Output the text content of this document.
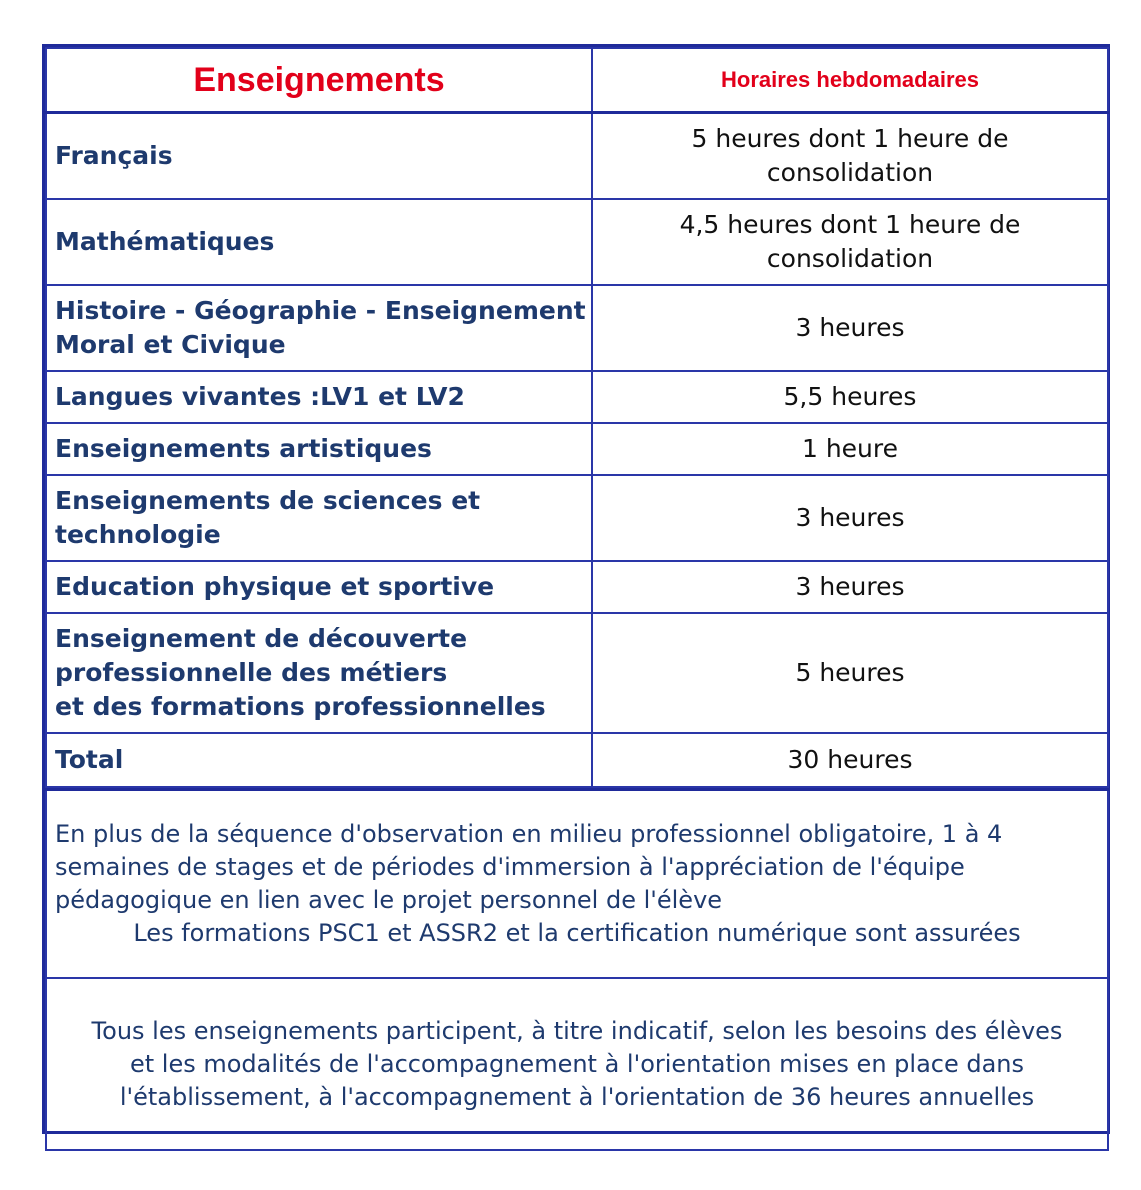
Enseignements	Horaires hebdomadaires

Français	5 heures dont 1 heure de
consolidation

Mathématiques	4,5 heures dont 1 heure de
consolidation

Histoire - Géographie - Enseignement
Moral et Civique	3 heures

Langues vivantes :LV1 et LV2	5,5 heures

Enseignements artistiques	1 heure

Enseignements de sciences et
technologie	3 heures

Education physique et sportive	3 heures

Enseignement de découverte
professionnelle des métiers
et des formations professionnelles	5 heures

Total	30 heures
En plus de la séquence d'observation en milieu professionnel obligatoire, 1 à 4
semaines de stages et de périodes d'immersion à l'appréciation de l'équipe
pédagogique en lien avec le projet personnel de l'élève
Les formations PSC1 et ASSR2 et la certification numérique sont assurées

Tous les enseignements participent, à titre indicatif, selon les besoins des élèves
et les modalités de l'accompagnement à l'orientation mises en place dans
l'établissement, à l'accompagnement à l'orientation de 36 heures annuelles
